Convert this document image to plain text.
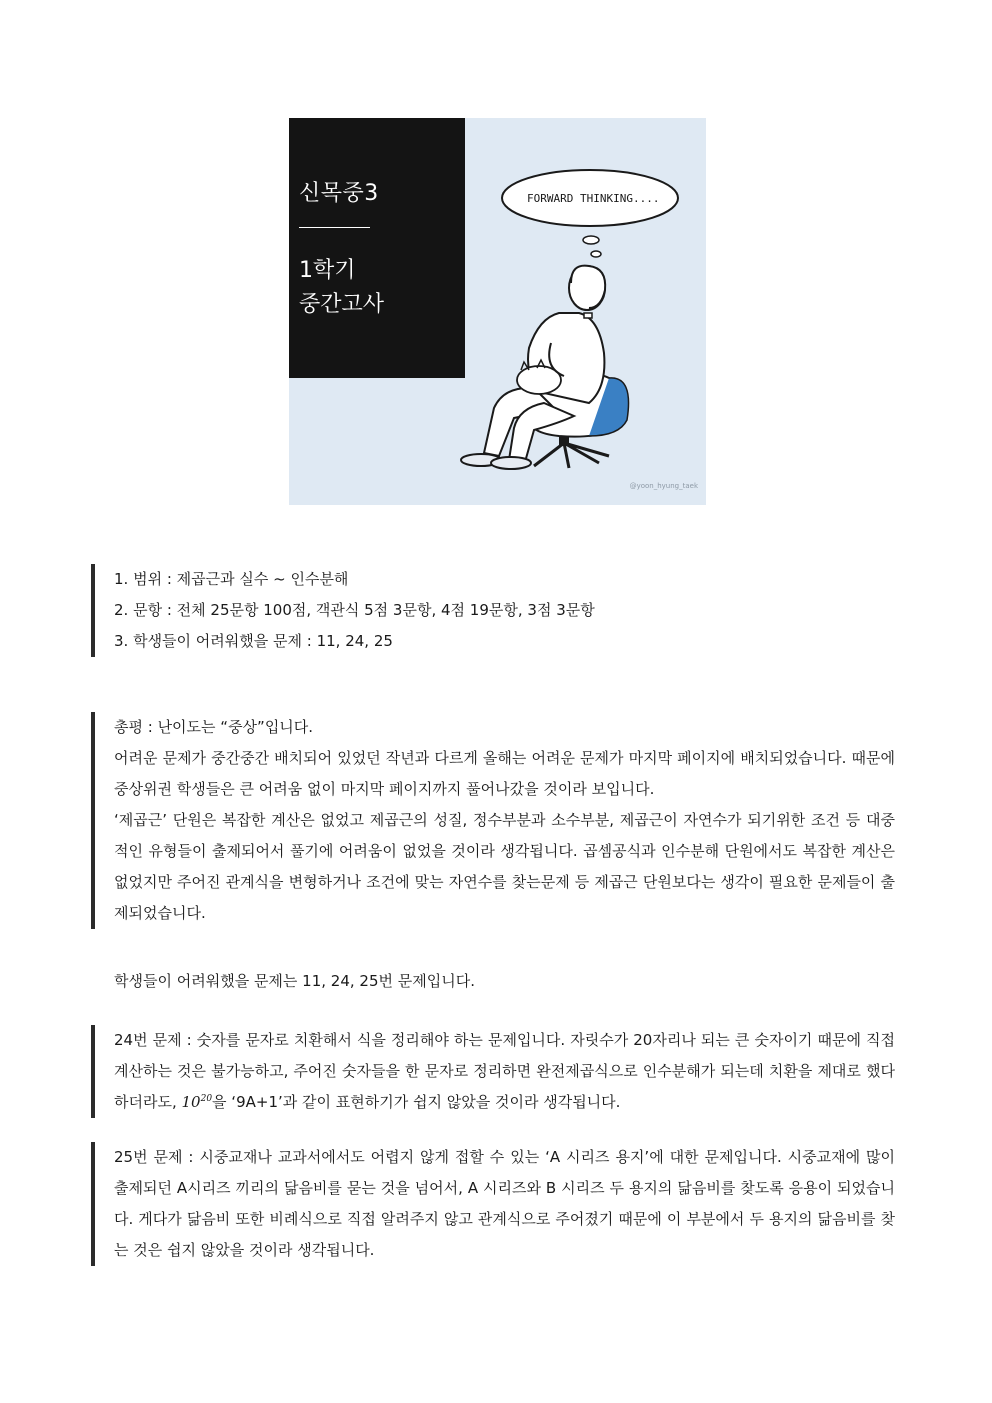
FORWARD THINKING....
신목중3
1학기
중간고사
@yoon_hyung_taek

1. 범위 : 제곱근과 실수 ~ 인수분해

2. 문항 : 전체 25문항 100점, 객관식 5점 3문항, 4점 19문항, 3점 3문항

3. 학생들이 어려워했을 문제 : 11, 24, 25

총평 : 난이도는 “중상”입니다.

어려운 문제가 중간중간 배치되어 있었던 작년과 다르게 올해는 어려운 문제가 마지막 페이지에 배치되었습니다. 때문에 중상위권 학생들은 큰 어려움 없이 마지막 페이지까지 풀어나갔을 것이라 보입니다.

‘제곱근’ 단원은 복잡한 계산은 없었고 제곱근의 성질, 정수부분과 소수부분, 제곱근이 자연수가 되기위한 조건 등 대중적인 유형들이 출제되어서 풀기에 어려움이 없었을 것이라 생각됩니다. 곱셈공식과 인수분해 단원에서도 복잡한 계산은 없었지만 주어진 관계식을 변형하거나 조건에 맞는 자연수를 찾는문제 등 제곱근 단원보다는 생각이 필요한 문제들이 출제되었습니다.

학생들이 어려워했을 문제는 11, 24, 25번 문제입니다.

24번 문제 : 숫자를 문자로 치환해서 식을 정리해야 하는 문제입니다. 자릿수가 20자리나 되는 큰 숫자이기 때문에 직접 계산하는 것은 불가능하고, 주어진 숫자들을 한 문자로 정리하면 완전제곱식으로 인수분해가 되는데 치환을 제대로 했다 하더라도, $10^{20}$을 ‘9A+1’과 같이 표현하기가 쉽지 않았을 것이라 생각됩니다.

25번 문제 : 시중교재나 교과서에서도 어렵지 않게 접할 수 있는 ‘A 시리즈 용지’에 대한 문제입니다. 시중교재에 많이 출제되던 A시리즈 끼리의 닮음비를 묻는 것을 넘어서, A 시리즈와 B 시리즈 두 용지의 닮음비를 찾도록 응용이 되었습니다. 게다가 닮음비 또한 비례식으로 직접 알려주지 않고 관계식으로 주어졌기 때문에 이 부분에서 두 용지의 닮음비를 찾는 것은 쉽지 않았을 것이라 생각됩니다.
